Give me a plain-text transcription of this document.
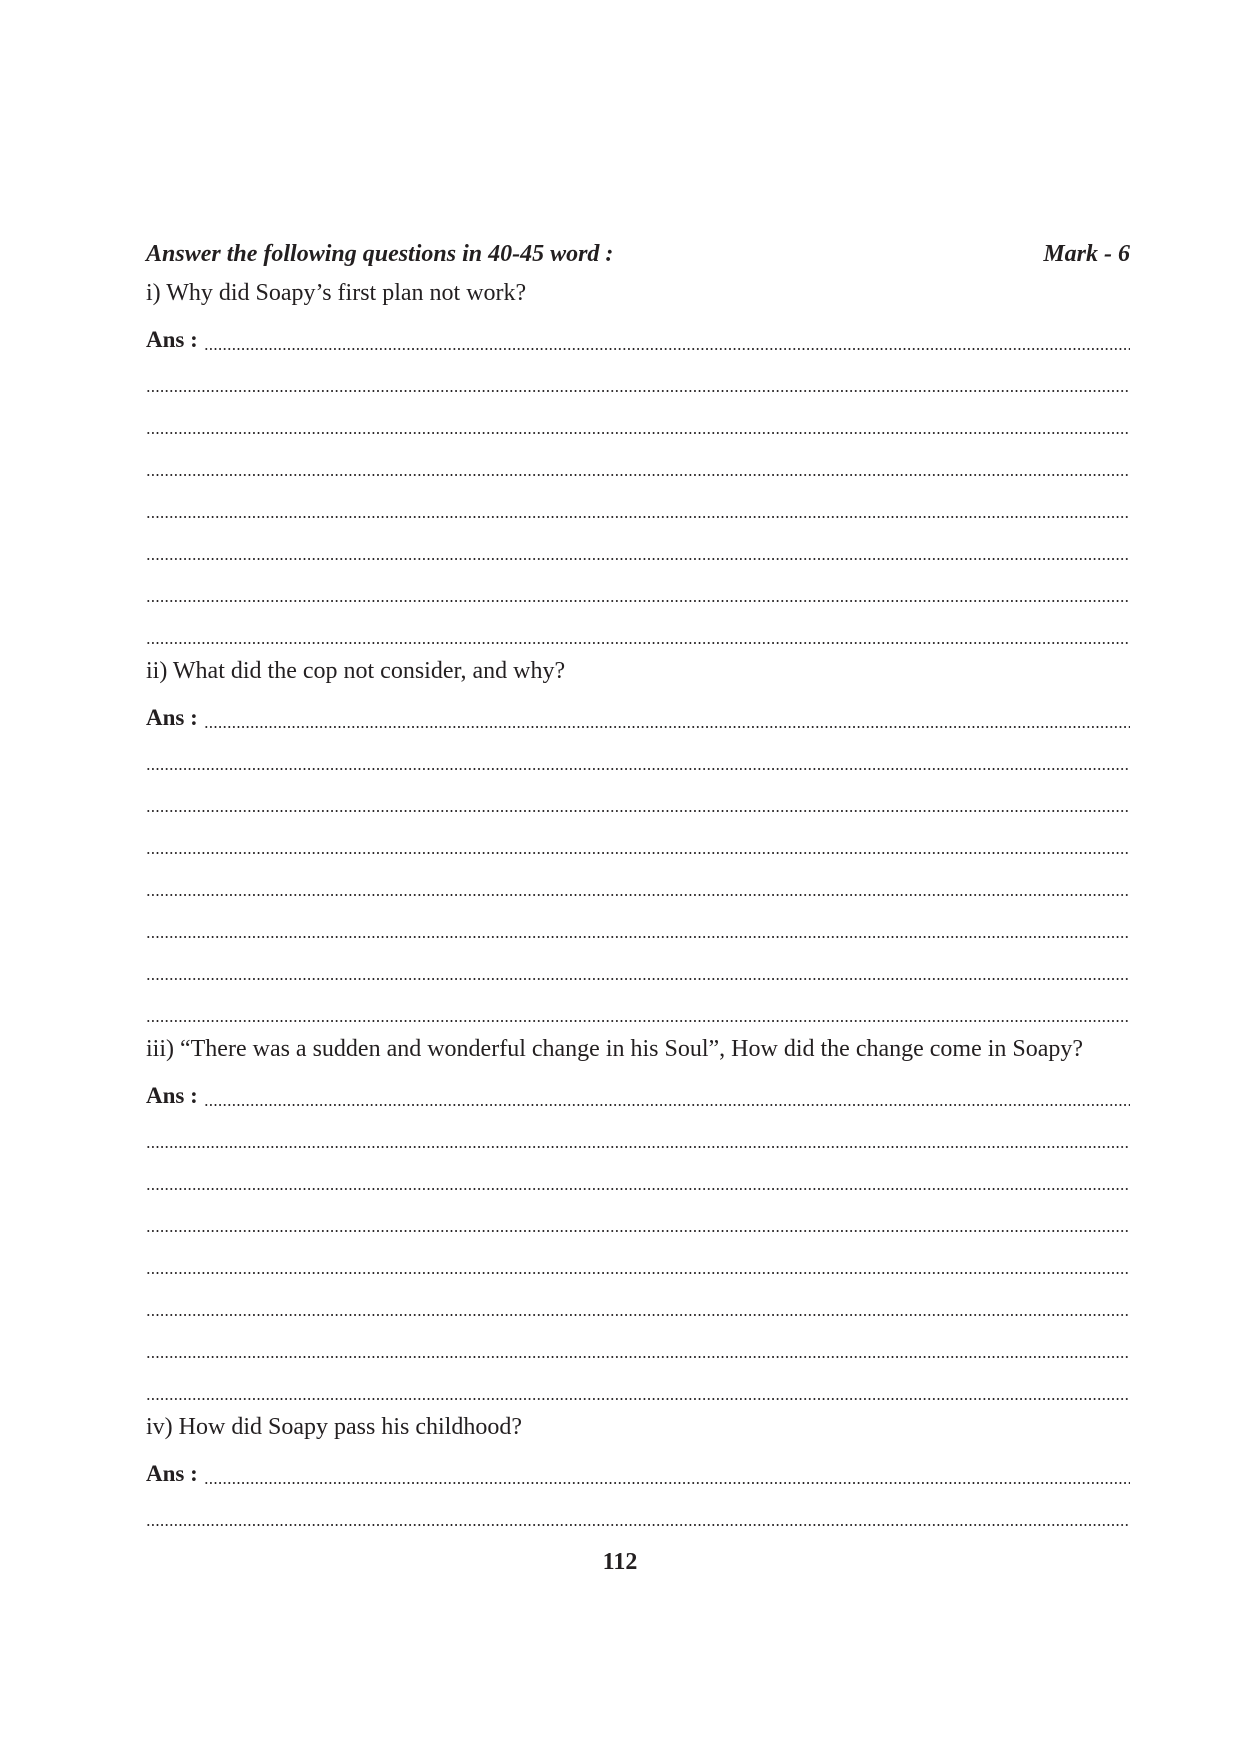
Answer the following questions in 40-45 word :	Mark - 6
i) Why did Soapy’s first plan not work?
Ans :
ii) What did the cop not consider, and why?
Ans :
iii) “There was a sudden and wonderful change in his Soul”, How did the change come in Soapy?
Ans :
iv) How did Soapy pass his childhood?
Ans :
112
